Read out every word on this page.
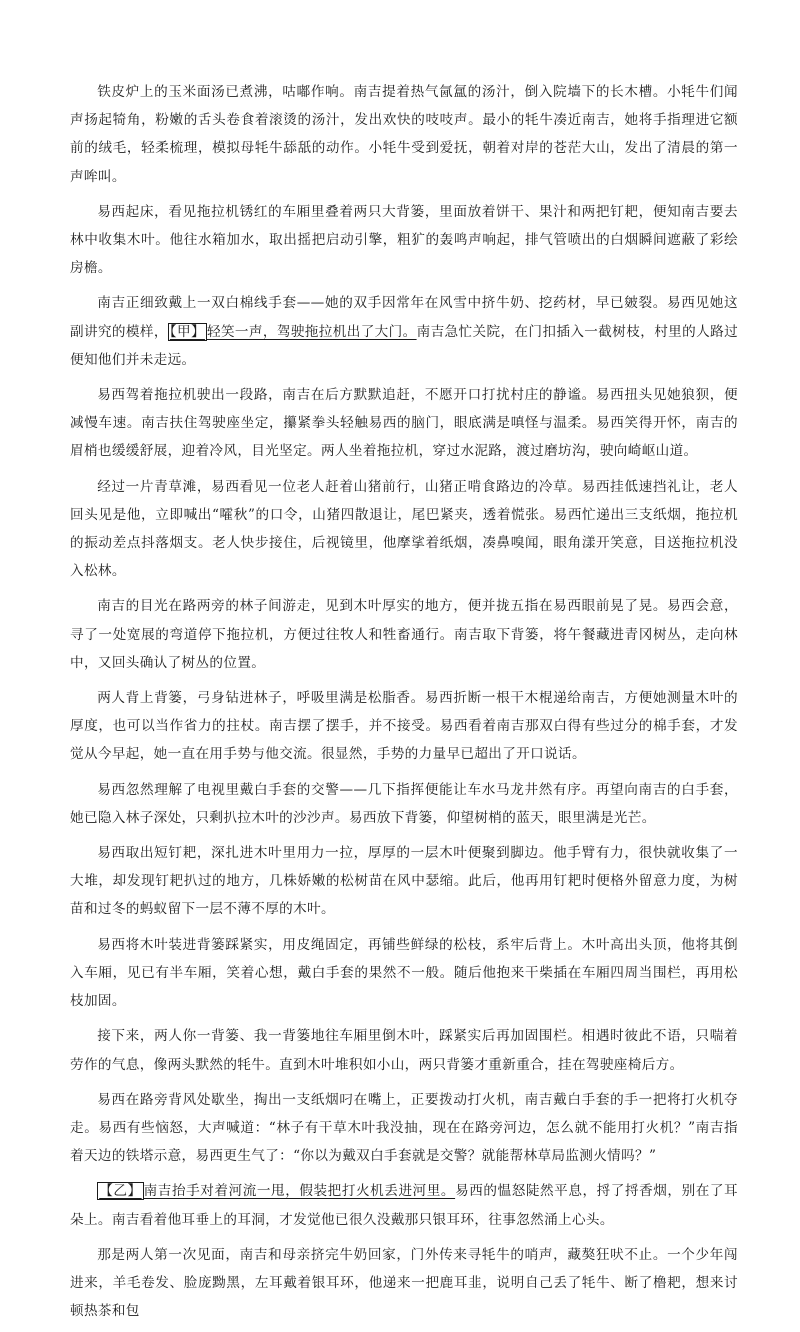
铁皮炉上的玉米面汤已煮沸，咕嘟作响。南吉提着热气氤氲的汤汁，倒入院墙下的长木槽。小牦牛们闻声扬起犄角，粉嫩的舌头卷食着滚烫的汤汁，发出欢快的吱吱声。最小的牦牛凑近南吉，她将手指理进它额前的绒毛，轻柔梳理，模拟母牦牛舔舐的动作。小牦牛受到爱抚，朝着对岸的苍茫大山，发出了清晨的第一声哞叫。

易西起床，看见拖拉机锈红的车厢里叠着两只大背篓，里面放着饼干、果汁和两把钉耙，便知南吉要去林中收集木叶。他往水箱加水，取出摇把启动引擎，粗犷的轰鸣声响起，排气管喷出的白烟瞬间遮蔽了彩绘房檐。

南吉正细致戴上一双白棉线手套——她的双手因常年在风雪中挤牛奶、挖药材，早已皴裂。易西见她这副讲究的模样， 【甲】 轻笑一声，驾驶拖拉机出了大门。南吉急忙关院，在门扣插入一截树枝，村里的人路过便知他们并未走远。

易西驾着拖拉机驶出一段路，南吉在后方默默追赶，不愿开口打扰村庄的静谧。易西扭头见她狼狈，便减慢车速。南吉扶住驾驶座坐定，攥紧拳头轻触易西的脑门，眼底满是嗔怪与温柔。易西笑得开怀，南吉的眉梢也缓缓舒展，迎着冷风，目光坚定。两人坐着拖拉机，穿过水泥路，渡过磨坊沟，驶向崎岖山道。

经过一片青草滩，易西看见一位老人赶着山猪前行，山猪正啃食路边的冷草。易西挂低速挡礼让，老人回头见是他，立即喊出“嚯秋”的口令，山猪四散退让，尾巴紧夹，透着慌张。易西忙递出三支纸烟，拖拉机的振动差点抖落烟支。老人快步接住，后视镜里，他摩挲着纸烟，凑鼻嗅闻，眼角漾开笑意，目送拖拉机没入松林。

南吉的目光在路两旁的林子间游走，见到木叶厚实的地方，便并拢五指在易西眼前晃了晃。易西会意，寻了一处宽展的弯道停下拖拉机，方便过往牧人和牲畜通行。南吉取下背篓，将午餐藏进青冈树丛，走向林中，又回头确认了树丛的位置。

两人背上背篓，弓身钻进林子，呼吸里满是松脂香。易西折断一根干木棍递给南吉，方便她测量木叶的厚度，也可以当作省力的拄杖。南吉摆了摆手，并不接受。易西看着南吉那双白得有些过分的棉手套，才发觉从今早起，她一直在用手势与他交流。很显然，手势的力量早已超出了开口说话。

易西忽然理解了电视里戴白手套的交警——几下指挥便能让车水马龙井然有序。再望向南吉的白手套，她已隐入林子深处，只剩扒拉木叶的沙沙声。易西放下背篓，仰望树梢的蓝天，眼里满是光芒。

易西取出短钉耙，深扎进木叶里用力一拉，厚厚的一层木叶便聚到脚边。他手臂有力，很快就收集了一大堆，却发现钉耙扒过的地方，几株娇嫩的松树苗在风中瑟缩。此后，他再用钉耙时便格外留意力度，为树苗和过冬的蚂蚁留下一层不薄不厚的木叶。

易西将木叶装进背篓踩紧实，用皮绳固定，再铺些鲜绿的松枝，系牢后背上。木叶高出头顶，他将其倒入车厢，见已有半车厢，笑着心想，戴白手套的果然不一般。随后他抱来干柴插在车厢四周当围栏，再用松枝加固。

接下来，两人你一背篓、我一背篓地往车厢里倒木叶，踩紧实后再加固围栏。相遇时彼此不语，只喘着劳作的气息，像两头默然的牦牛。直到木叶堆积如小山，两只背篓才重新重合，挂在驾驶座椅后方。

易西在路旁背风处歇坐，掏出一支纸烟叼在嘴上，正要拨动打火机，南吉戴白手套的手一把将打火机夺走。易西有些恼怒，大声喊道：“林子有干草木叶我没抽，现在在路旁河边，怎么就不能用打火机？”南吉指着天边的铁塔示意，易西更生气了：“你以为戴双白手套就是交警？就能帮林草局监测火情吗？”

【乙】 南吉抬手对着河流一甩，假装把打火机丢进河里。易西的愠怒陡然平息，捋了捋香烟，别在了耳朵上。南吉看着他耳垂上的耳洞，才发觉他已很久没戴那只银耳环，往事忽然涌上心头。

那是两人第一次见面，南吉和母亲挤完牛奶回家，门外传来寻牦牛的哨声，藏獒狂吠不止。一个少年闯进来，羊毛卷发、脸庞黝黑，左耳戴着银耳环，他递来一把鹿耳韭，说明自己丢了牦牛、断了橹耙，想来讨顿热茶和包
